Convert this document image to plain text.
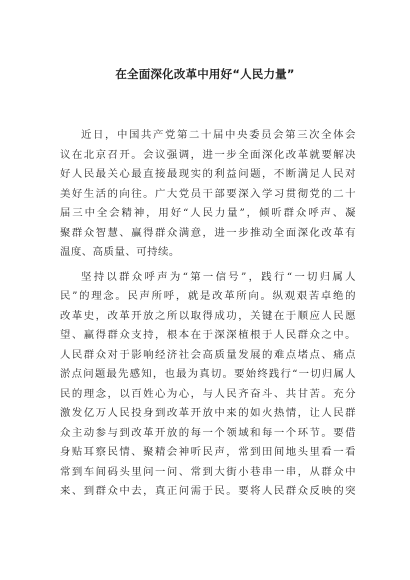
在全面深化改革中用好“人民力量”
近日，中国共产党第二十届中央委员会第三次全体会
议在北京召开。会议强调，进一步全面深化改革就要解决
好人民最关心最直接最现实的利益问题，不断满足人民对
美好生活的向往。广大党员干部要深入学习贯彻党的二十
届三中全会精神，用好“人民力量”，倾听群众呼声、凝
聚群众智慧、赢得群众满意，进一步推动全面深化改革有
温度、高质量、可持续。
坚持以群众呼声为“第一信号”，践行“一切归属人
民”的理念。民声所呼，就是改革所向。纵观艰苦卓绝的
改革史，改革开放之所以取得成功，关键在于顺应人民愿
望、赢得群众支持，根本在于深深植根于人民群众之中。
人民群众对于影响经济社会高质量发展的难点堵点、痛点
淤点问题最先感知，也最为真切。要始终践行“一切归属人
民的理念，以百姓心为心，与人民齐奋斗、共甘苦。充分
激发亿万人民投身到改革开放中来的如火热情，让人民群
众主动参与到改革开放的每一个领域和每一个环节。要借
身贴耳察民情、聚精会神听民声，常到田间地头里看一看
常到车间码头里问一问、常到大街小巷串一串，从群众中
来、到群众中去，真正问需于民。要将人民群众反映的突
